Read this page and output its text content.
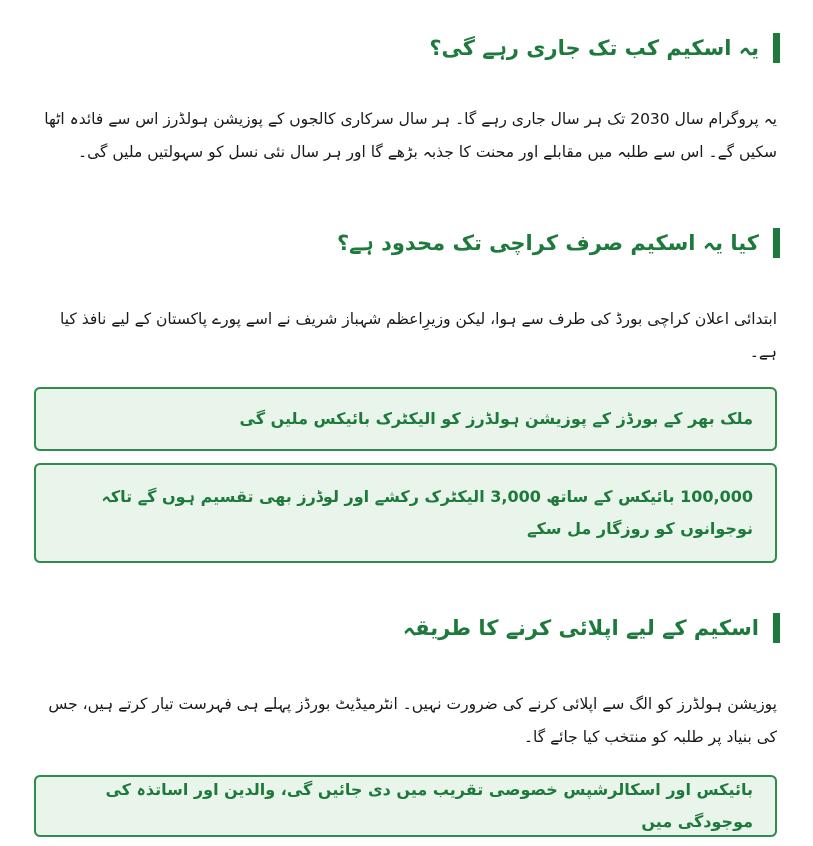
یہ اسکیم کب تک جاری رہے گی؟
یہ پروگرام سال 2030 تک ہر سال جاری رہے گا۔ ہر سال سرکاری کالجوں کے پوزیشن ہولڈرز اس سے فائدہ اٹھا سکیں گے۔ اس سے طلبہ میں مقابلے اور محنت کا جذبہ بڑھے گا اور ہر سال نئی نسل کو سہولتیں ملیں گی۔
کیا یہ اسکیم صرف کراچی تک محدود ہے؟
ابتدائی اعلان کراچی بورڈ کی طرف سے ہوا، لیکن وزیرِاعظم شہباز شریف نے اسے پورے پاکستان کے لیے نافذ کیا ہے۔
ملک بھر کے بورڈز کے پوزیشن ہولڈرز کو الیکٹرک بائیکس ملیں گی
100,000 بائیکس کے ساتھ 3,000 الیکٹرک رکشے اور لوڈرز بھی تقسیم ہوں گے تاکہ نوجوانوں کو روزگار مل سکے
اسکیم کے لیے اپلائی کرنے کا طریقہ
پوزیشن ہولڈرز کو الگ سے اپلائی کرنے کی ضرورت نہیں۔ انٹرمیڈیٹ بورڈز پہلے ہی فہرست تیار کرتے ہیں، جس کی بنیاد پر طلبہ کو منتخب کیا جائے گا۔
بائیکس اور اسکالرشپس خصوصی تقریب میں دی جائیں گی، والدین اور اساتذہ کی موجودگی میں
